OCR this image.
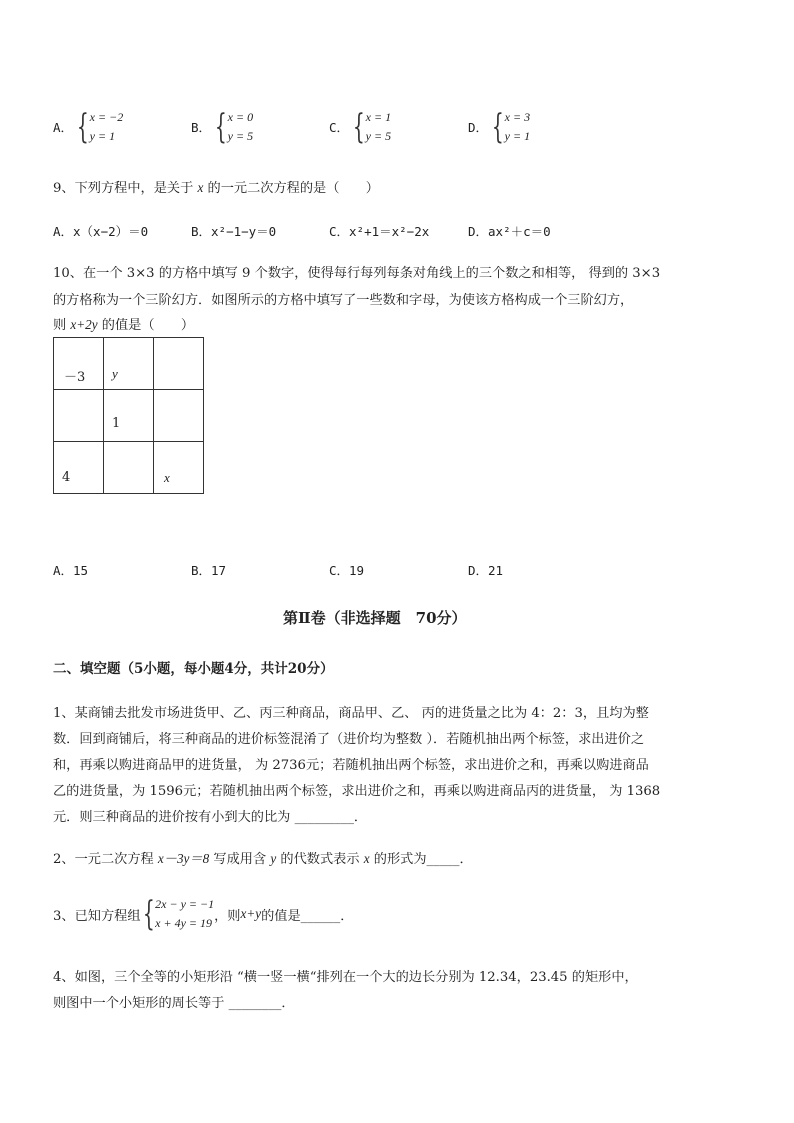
A． { x = −2
y = 1
B． { x = 0
y = 5
C． { x = 1
y = 5
D． { x = 3
y = 1
9、下列方程中，是关于 x 的一元二次方程的是（　　）
A．x（x−2）＝0	B．x²−1−y＝0	C．x²+1＝x²−2x	D．ax²＋c＝0
10、在一个 3×3 的方格中填写 9 个数字，使得每行每列每条对角线上的三个数之和相等， 得到的 3×3
的方格称为一个三阶幻方．如图所示的方格中填写了一些数和字母，为使该方格构成一个三阶幻方，
则 x+2y 的值是（　　）
－3	y	

	1	

4		x
A．15	B．17	C．19	D．21
第Ⅱ卷（非选择题　70分）
二、填空题（5小题，每小题4分，共计20分）
1、某商铺去批发市场进货甲、乙、丙三种商品，商品甲、乙、 丙的进货量之比为 4：2：3，且均为整
数．回到商铺后，将三种商品的进价标签混淆了（进价均为整数 ）．若随机抽出两个标签，求出进价之
和，再乘以购进商品甲的进货量， 为 2736元；若随机抽出两个标签，求出进价之和，再乘以购进商品
乙的进货量，为 1596元；若随机抽出两个标签，求出进价之和，再乘以购进商品丙的进货量， 为 1368
元．则三种商品的进价按有小到大的比为 _________．
2、一元二次方程 x－3y＝8 写成用含 y 的代数式表示 x 的形式为_____．
3、已知方程组 { 2x − y = −1
x + 4y = 19 ，则 x+y 的值是______．
4、如图，三个全等的小矩形沿 “横一竖一横“排列在一个大的边长分别为 12.34，23.45 的矩形中，
则图中一个小矩形的周长等于 ________．
